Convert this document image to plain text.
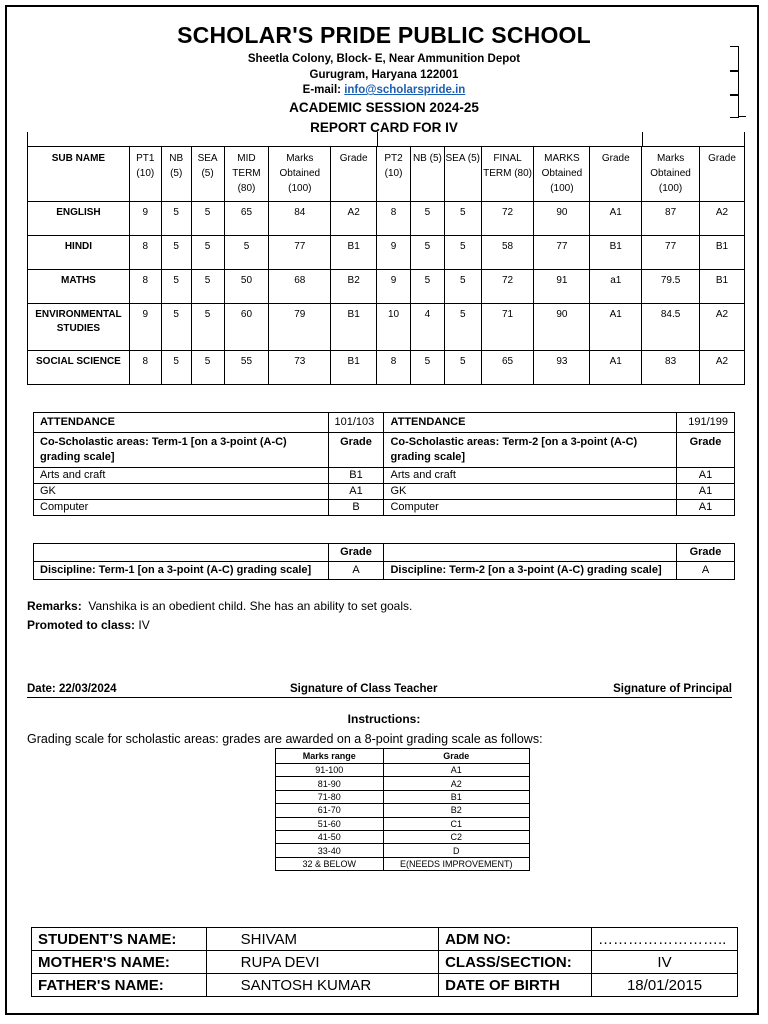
SCHOLAR'S PRIDE PUBLIC SCHOOL
Sheetla Colony, Block- E, Near Ammunition Depot
Gurugram, Haryana 122001
E-mail: info@scholarspride.in
ACADEMIC SESSION 2024-25
REPORT CARD FOR IV
SUB NAME	PT1 (10)	NB (5)	SEA (5)	MID TERM (80)	Marks Obtained (100)	Grade	PT2 (10)	NB (5)	SEA (5)	FINAL TERM (80)	MARKS Obtained (100)	Grade	Marks Obtained (100)	Grade
ENGLISH	9	5	5	65	84	A2	8	5	5	72	90	A1	87	A2
HINDI	8	5	5	5	77	B1	9	5	5	58	77	B1	77	B1
MATHS	8	5	5	50	68	B2	9	5	5	72	91	a1	79.5	B1
ENVIRONMENTAL STUDIES	9	5	5	60	79	B1	10	4	5	71	90	A1	84.5	A2
SOCIAL SCIENCE	8	5	5	55	73	B1	8	5	5	65	93	A1	83	A2
ATTENDANCE	101/103	ATTENDANCE	191/199
Co-Scholastic areas: Term-1 [on a 3-point (A-C) grading scale]	Grade	Co-Scholastic areas: Term-2 [on a 3-point (A-C) grading scale]	Grade
Arts and craft	B1	Arts and craft	A1
GK	A1	GK	A1
Computer	B	Computer	A1
	Grade		Grade
Discipline: Term-1 [on a 3-point (A-C) grading scale]	A	Discipline: Term-2 [on a 3-point (A-C) grading scale]	A
Remarks: Vanshika is an obedient child. She has an ability to set goals.
Promoted to class: IV
Date: 22/03/2024	Signature of Class Teacher	Signature of Principal
Instructions:
Grading scale for scholastic areas: grades are awarded on a 8-point grading scale as follows:
Marks range	Grade
91-100	A1
81-90	A2
71-80	B1
61-70	B2
51-60	C1
41-50	C2
33-40	D
32 & BELOW	E(NEEDS IMPROVEMENT)
STUDENT’S NAME:	SHIVAM	ADM NO:	……………………..
MOTHER'S NAME:	RUPA DEVI	CLASS/SECTION:	IV
FATHER'S NAME:	SANTOSH KUMAR	DATE OF BIRTH	18/01/2015
